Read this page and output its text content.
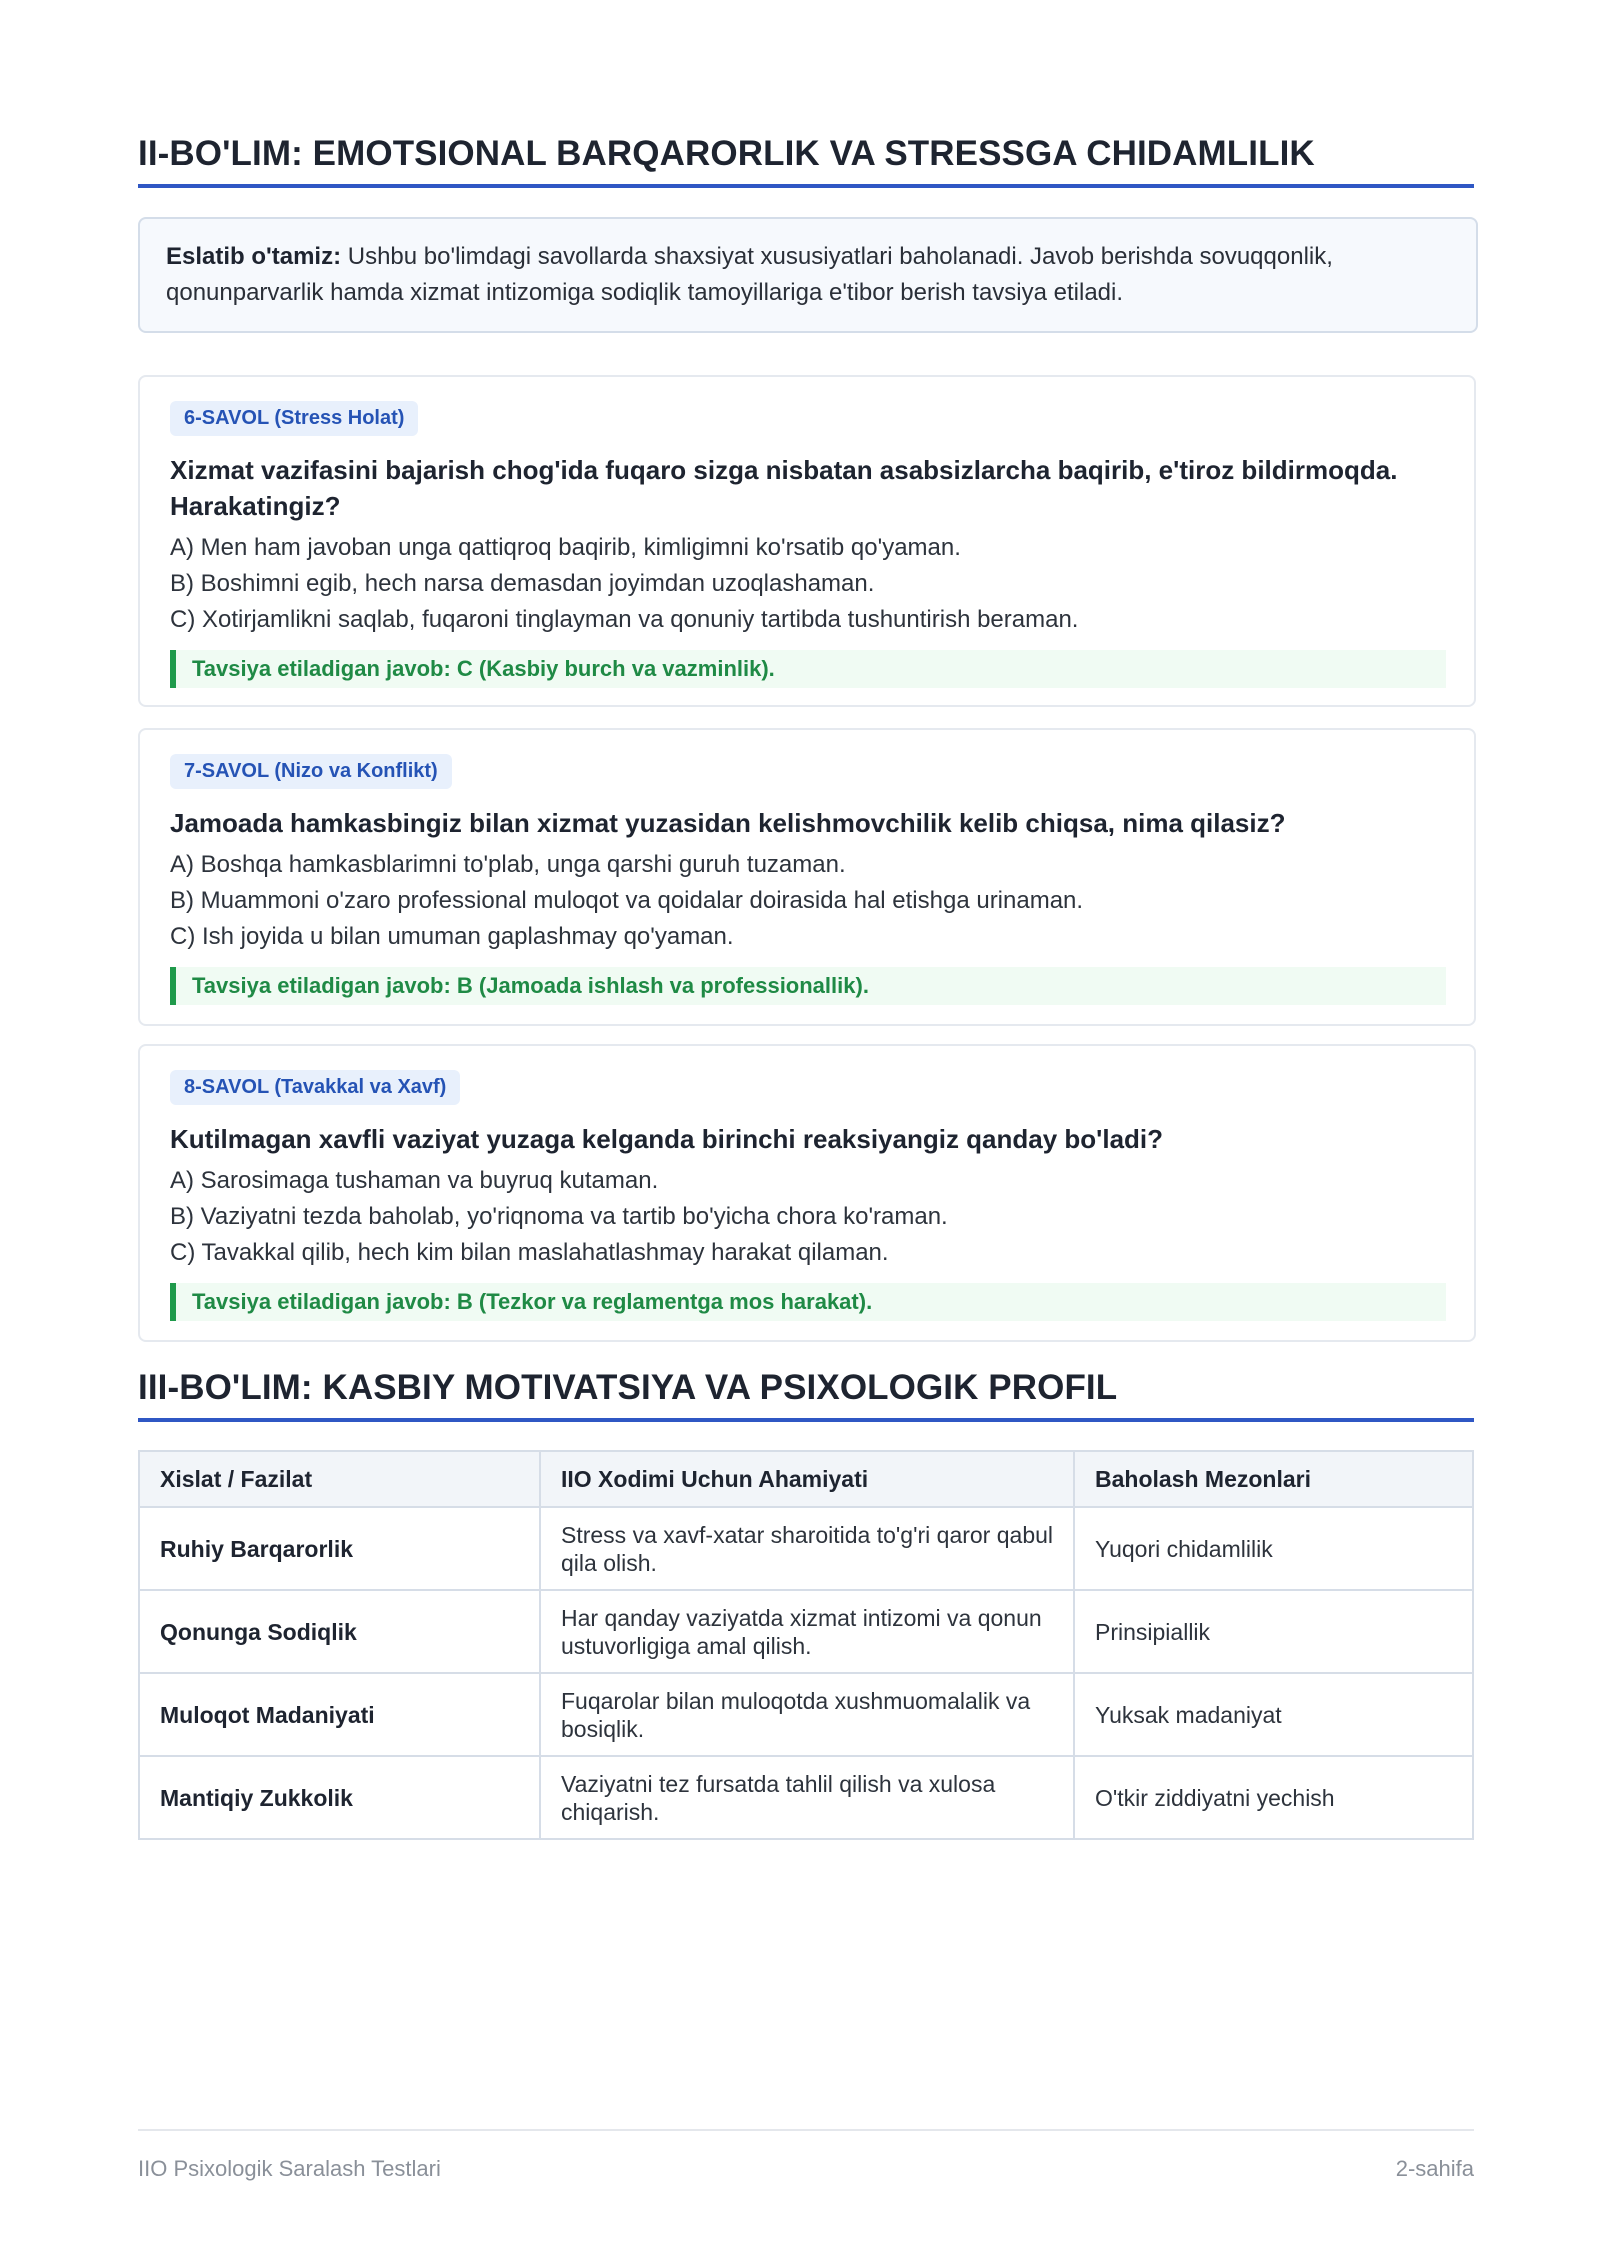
II-BO'LIM: EMOTSIONAL BARQARORLIK VA STRESSGA CHIDAMLILIK
Eslatib o'tamiz: Ushbu bo'limdagi savollarda shaxsiyat xususiyatlari baholanadi. Javob berishda sovuqqonlik, qonunparvarlik hamda xizmat intizomiga sodiqlik tamoyillariga e'tibor berish tavsiya etiladi.
6-SAVOL (Stress Holat)
Xizmat vazifasini bajarish chog'ida fuqaro sizga nisbatan asabsizlarcha baqirib, e'tiroz bildirmoqda. Harakatingiz?
A) Men ham javoban unga qattiqroq baqirib, kimligimni ko'rsatib qo'yaman.
B) Boshimni egib, hech narsa demasdan joyimdan uzoqlashaman.
C) Xotirjamlikni saqlab, fuqaroni tinglayman va qonuniy tartibda tushuntirish beraman.
Tavsiya etiladigan javob: C (Kasbiy burch va vazminlik).
7-SAVOL (Nizo va Konflikt)
Jamoada hamkasbingiz bilan xizmat yuzasidan kelishmovchilik kelib chiqsa, nima qilasiz?
A) Boshqa hamkasblarimni to'plab, unga qarshi guruh tuzaman.
B) Muammoni o'zaro professional muloqot va qoidalar doirasida hal etishga urinaman.
C) Ish joyida u bilan umuman gaplashmay qo'yaman.
Tavsiya etiladigan javob: B (Jamoada ishlash va professionallik).
8-SAVOL (Tavakkal va Xavf)
Kutilmagan xavfli vaziyat yuzaga kelganda birinchi reaksiyangiz qanday bo'ladi?
A) Sarosimaga tushaman va buyruq kutaman.
B) Vaziyatni tezda baholab, yo'riqnoma va tartib bo'yicha chora ko'raman.
C) Tavakkal qilib, hech kim bilan maslahatlashmay harakat qilaman.
Tavsiya etiladigan javob: B (Tezkor va reglamentga mos harakat).
III-BO'LIM: KASBIY MOTIVATSIYA VA PSIXOLOGIK PROFIL
Xislat / Fazilat	IIO Xodimi Uchun Ahamiyati	Baholash Mezonlari
Ruhiy Barqarorlik	Stress va xavf-xatar sharoitida to'g'ri qaror qabul qila olish.	Yuqori chidamlilik
Qonunga Sodiqlik	Har qanday vaziyatda xizmat intizomi va qonun ustuvorligiga amal qilish.	Prinsipiallik
Muloqot Madaniyati	Fuqarolar bilan muloqotda xushmuomalalik va bosiqlik.	Yuksak madaniyat
Mantiqiy Zukkolik	Vaziyatni tez fursatda tahlil qilish va xulosa chiqarish.	O'tkir ziddiyatni yechish
IIO Psixologik Saralash Testlari	2-sahifa
